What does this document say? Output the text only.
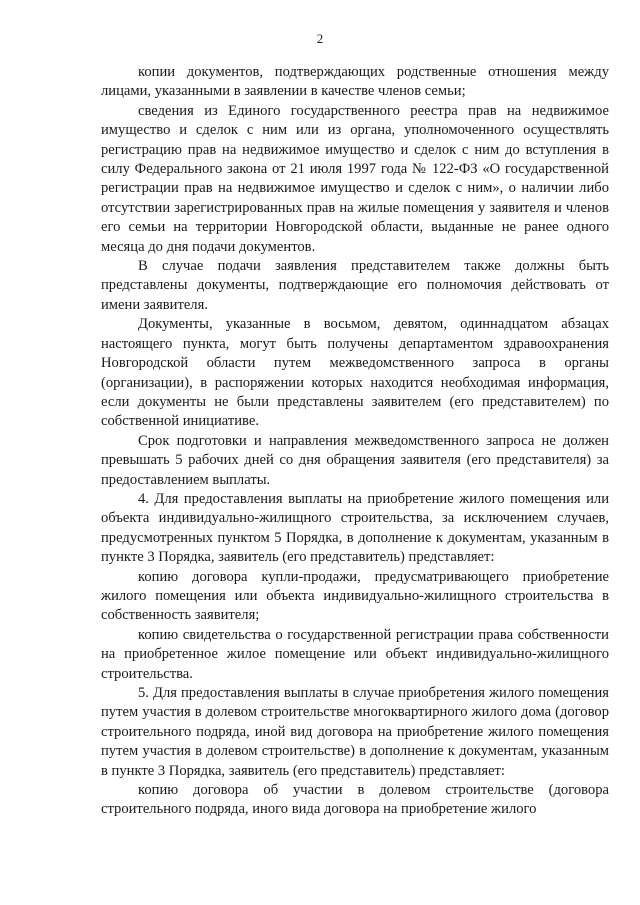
2

копии документов, подтверждающих родственные отношения между лицами, указанными в заявлении в качестве членов семьи;

сведения из Единого государственного реестра прав на недвижимое имущество и сделок с ним или из органа, уполномоченного осуществлять регистрацию прав на недвижимое имущество и сделок с ним до вступления в силу Федерального закона от 21 июля 1997 года № 122-ФЗ «О государственной регистрации прав на недвижимое имущество и сделок с ним», о наличии либо отсутствии зарегистрированных прав на жилые помещения у заявителя и членов его семьи на территории Новгородской области, выданные не ранее одного месяца до дня подачи документов.

В случае подачи заявления представителем также должны быть представлены документы, подтверждающие его полномочия действовать от имени заявителя.

Документы, указанные в восьмом, девятом, одиннадцатом абзацах настоящего пункта, могут быть получены департаментом здравоохранения Новгородской области путем межведомственного запроса в органы (организации), в распоряжении которых находится необходимая информация, если документы не были представлены заявителем (его представителем) по собственной инициативе.

Срок подготовки и направления межведомственного запроса не должен превышать 5 рабочих дней со дня обращения заявителя (его представителя) за предоставлением выплаты.

4. Для предоставления выплаты на приобретение жилого помещения или объекта индивидуально-жилищного строительства, за исключением случаев, предусмотренных пунктом 5 Порядка, в дополнение к документам, указанным в пункте 3 Порядка, заявитель (его представитель) представляет:

копию договора купли-продажи, предусматривающего приобретение жилого помещения или объекта индивидуально-жилищного строительства в собственность заявителя;

копию свидетельства о государственной регистрации права собственности на приобретенное жилое помещение или объект индивидуально-жилищного строительства.

5. Для предоставления выплаты в случае приобретения жилого помещения путем участия в долевом строительстве многоквартирного жилого дома (договор строительного подряда, иной вид договора на приобретение жилого помещения путем участия в долевом строительстве) в дополнение к документам, указанным в пункте 3 Порядка, заявитель (его представитель) представляет:

копию договора об участии в долевом строительстве (договора строительного подряда, иного вида договора на приобретение жилого
